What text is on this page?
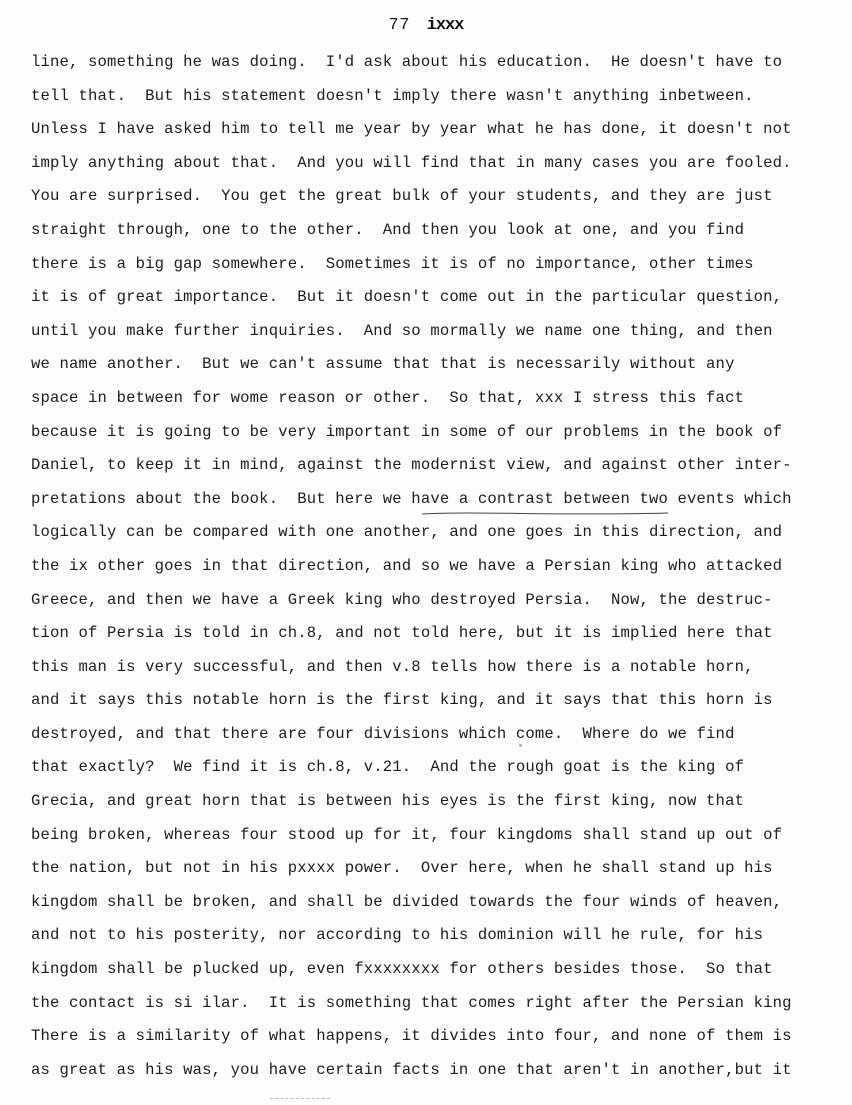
77 ixxx
line, something he was doing.  I'd ask about his education.  He doesn't have to
tell that.  But his statement doesn't imply there wasn't anything inbetween.
Unless I have asked him to tell me year by year what he has done, it doesn't not
imply anything about that.  And you will find that in many cases you are fooled.
You are surprised.  You get the great bulk of your students, and they are just
straight through, one to the other.  And then you look at one, and you find
there is a big gap somewhere.  Sometimes it is of no importance, other times
it is of great importance.  But it doesn't come out in the particular question,
until you make further inquiries.  And so mormally we name one thing, and then
we name another.  But we can't assume that that is necessarily without any
space in between for wome reason or other.  So that, xxx I stress this fact
because it is going to be very important in some of our problems in the book of
Daniel, to keep it in mind, against the modernist view, and against other inter-
pretations about the book.  But here we have a contrast between two events which
logically can be compared with one another, and one goes in this direction, and
the ix other goes in that direction, and so we have a Persian king who attacked
Greece, and then we have a Greek king who destroyed Persia.  Now, the destruc-
tion of Persia is told in ch.8, and not told here, but it is implied here that
this man is very successful, and then v.8 tells how there is a notable horn,
and it says this notable horn is the first king, and it says that this horn is
destroyed, and that there are four divisions which come.  Where do we find
that exactly?  We find it is ch.8, v.21.  And the rough goat is the king of
Grecia, and great horn that is between his eyes is the first king, now that
being broken, whereas four stood up for it, four kingdoms shall stand up out of
the nation, but not in his pxxxx power.  Over here, when he shall stand up his
kingdom shall be broken, and shall be divided towards the four winds of heaven,
and not to his posterity, nor according to his dominion will he rule, for his
kingdom shall be plucked up, even fxxxxxxxx for others besides those.  So that
the contact is si ilar.  It is something that comes right after the Persian king
There is a similarity of what happens, it divides into four, and none of them is
as great as his was, you have certain facts in one that aren't in another,but it
